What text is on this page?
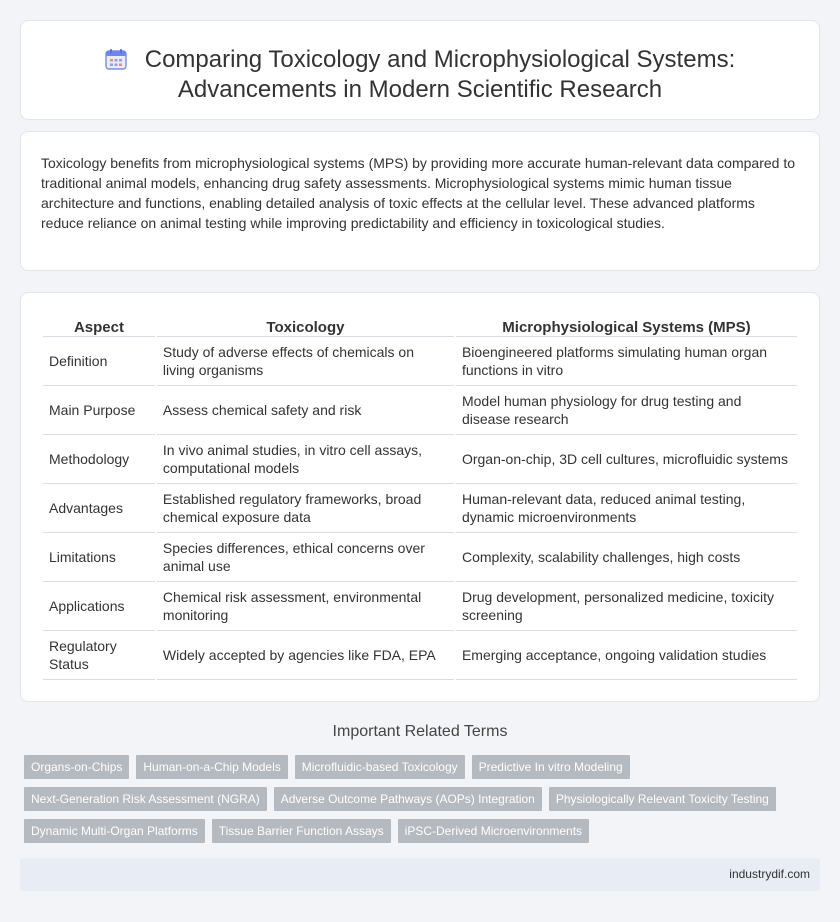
Comparing Toxicology and Microphysiological Systems:
Advancements in Modern Scientific Research

Toxicology benefits from microphysiological systems (MPS) by providing more accurate human-relevant data compared to traditional animal models, enhancing drug safety assessments. Microphysiological systems mimic human tissue architecture and functions, enabling detailed analysis of toxic effects at the cellular level. These advanced platforms reduce reliance on animal testing while improving predictability and efficiency in toxicological studies.

Aspect	Toxicology	Microphysiological Systems (MPS)
Definition	Study of adverse effects of chemicals on living organisms	Bioengineered platforms simulating human organ functions in vitro
Main Purpose	Assess chemical safety and risk	Model human physiology for drug testing and disease research
Methodology	In vivo animal studies, in vitro cell assays, computational models	Organ-on-chip, 3D cell cultures, microfluidic systems
Advantages	Established regulatory frameworks, broad chemical exposure data	Human-relevant data, reduced animal testing, dynamic microenvironments
Limitations	Species differences, ethical concerns over animal use	Complexity, scalability challenges, high costs
Applications	Chemical risk assessment, environmental monitoring	Drug development, personalized medicine, toxicity screening
Regulatory Status	Widely accepted by agencies like FDA, EPA	Emerging acceptance, ongoing validation studies
Important Related Terms
Organs-on-Chips	Human-on-a-Chip Models	Microfluidic-based Toxicology	Predictive In vitro Modeling
Next-Generation Risk Assessment (NGRA)	Adverse Outcome Pathways (AOPs) Integration	Physiologically Relevant Toxicity Testing
Dynamic Multi-Organ Platforms	Tissue Barrier Function Assays	iPSC-Derived Microenvironments
industrydif.com
